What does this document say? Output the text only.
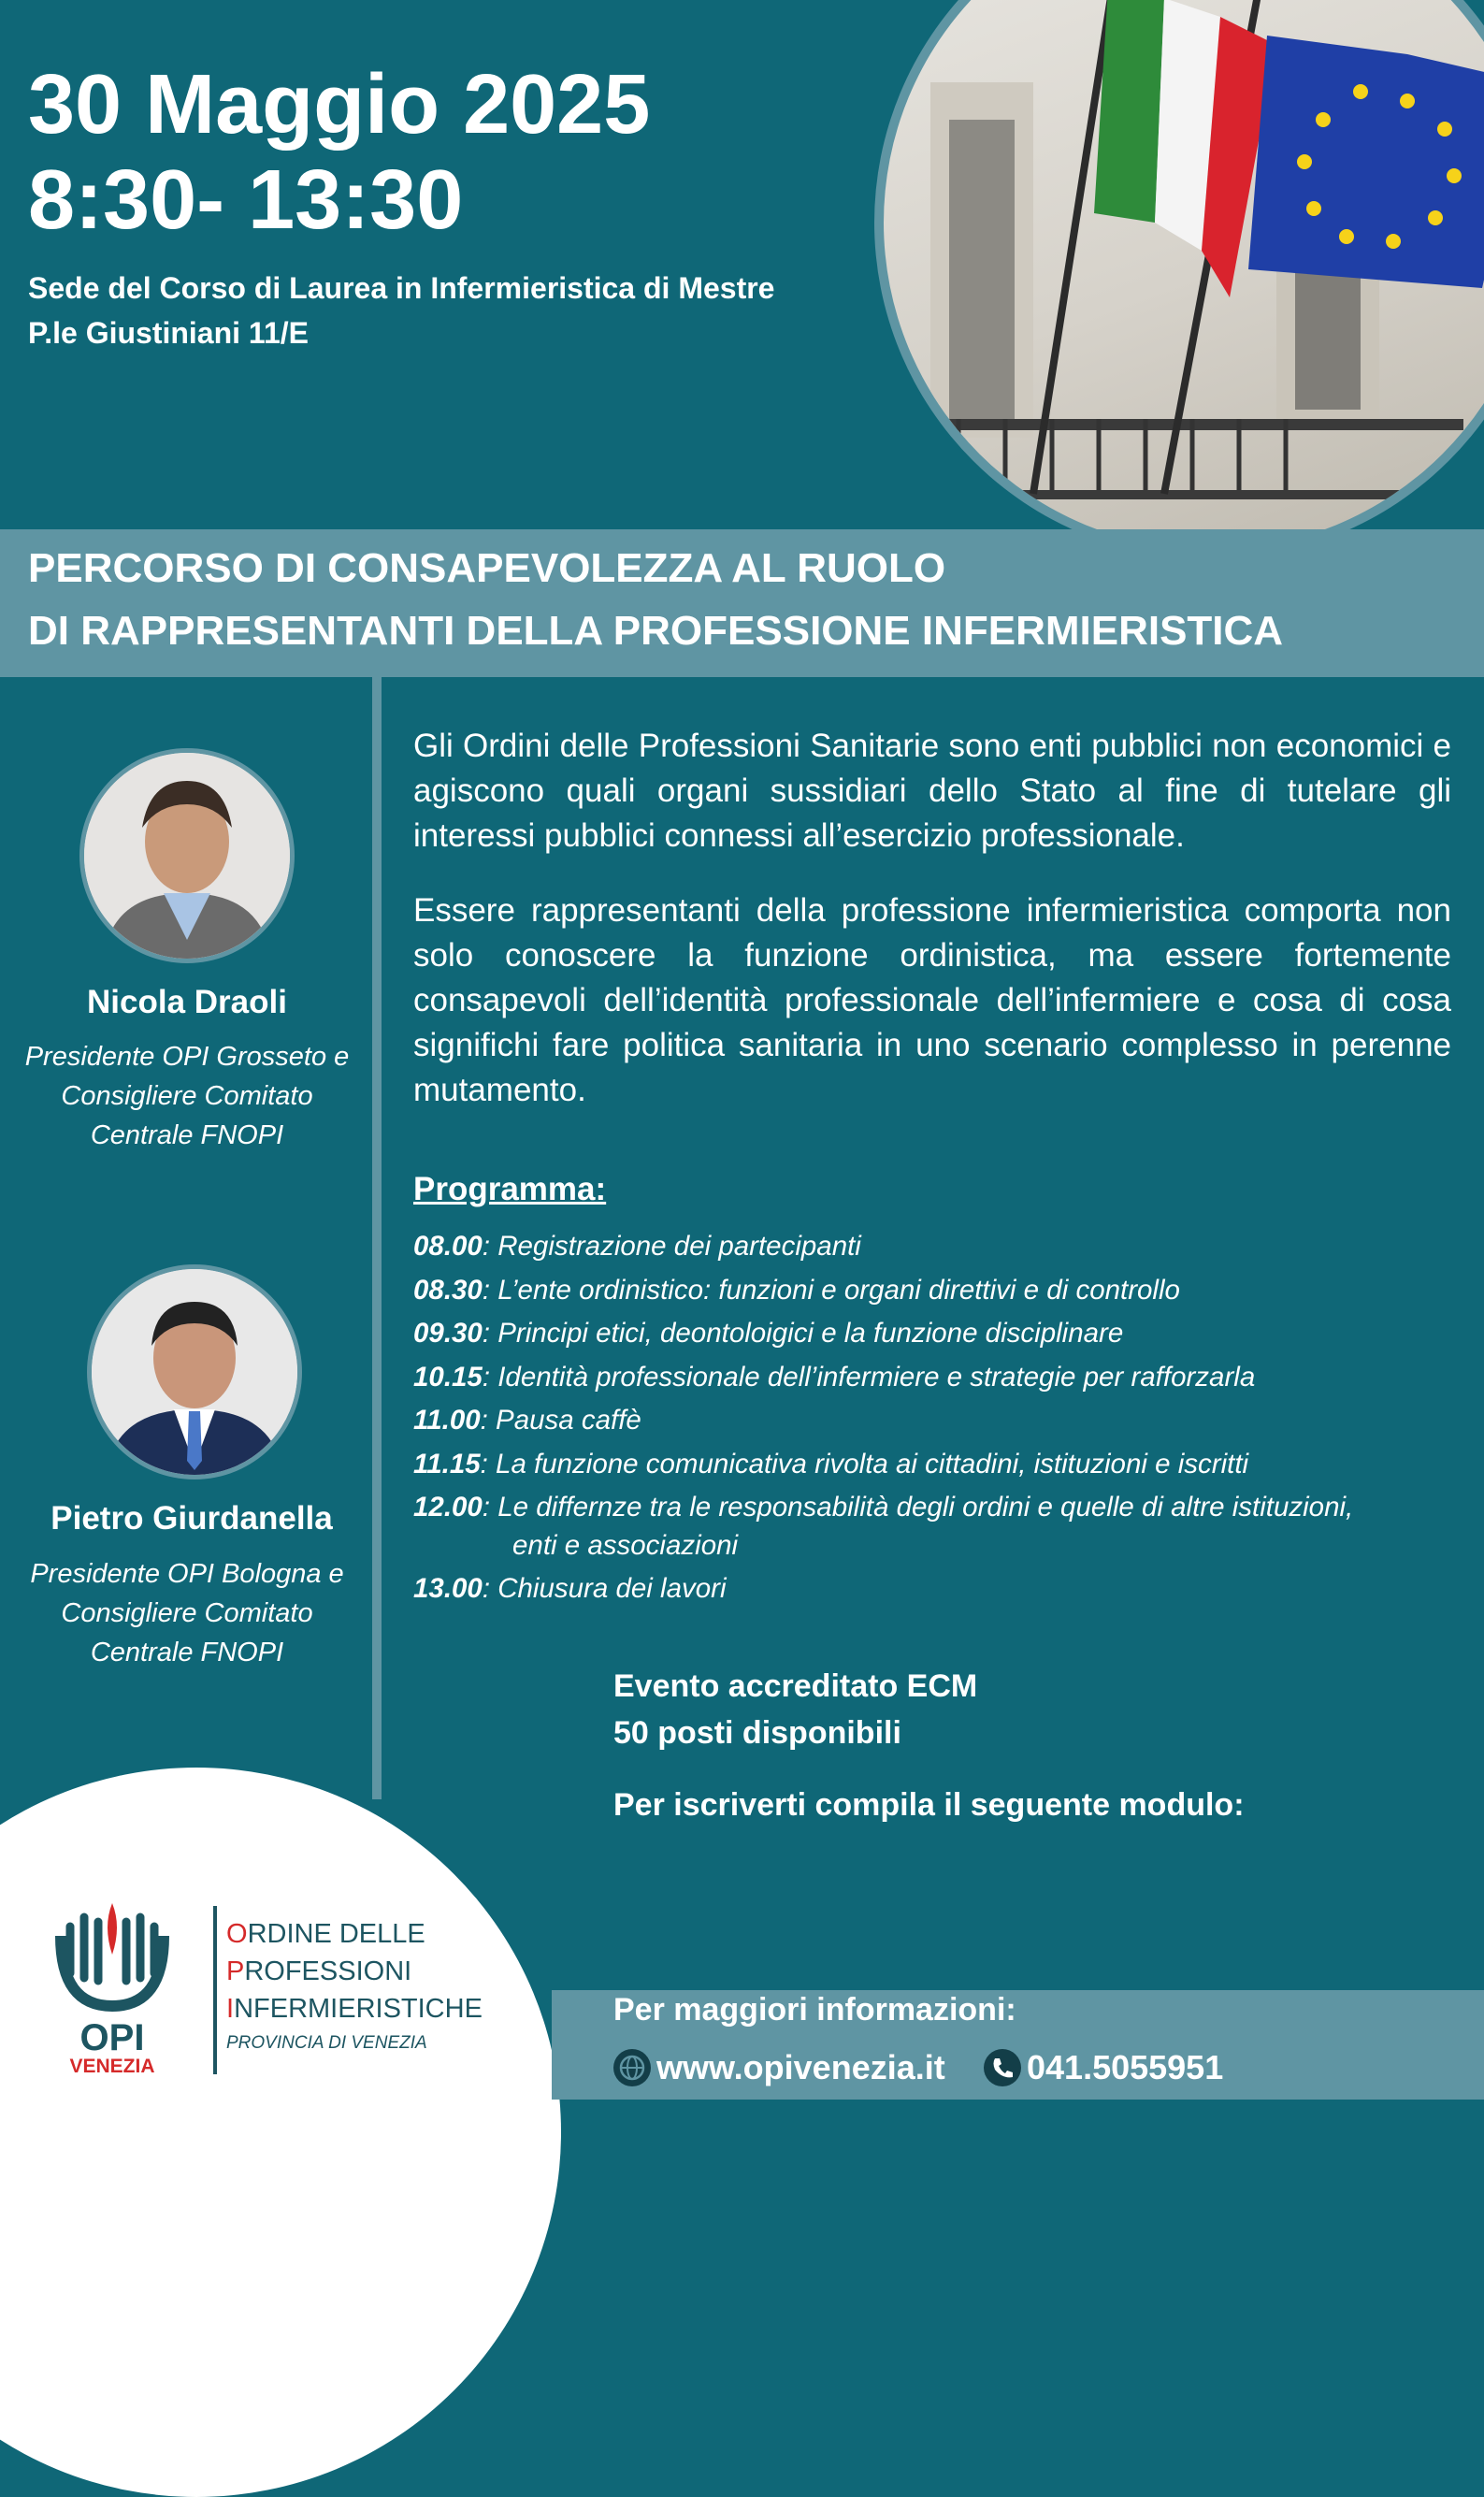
30 Maggio 2025
8:30- 13:30
Sede del Corso di Laurea in Infermieristica di Mestre
P.le Giustiniani 11/E
PERCORSO DI CONSAPEVOLEZZA AL RUOLO
DI RAPPRESENTANTI DELLA PROFESSIONE INFERMIERISTICA
Nicola Draoli
Presidente OPI Grosseto e
Consigliere Comitato
Centrale FNOPI
Pietro Giurdanella
Presidente OPI Bologna e
Consigliere Comitato
Centrale FNOPI
Gli Ordini delle Professioni Sanitarie sono enti pubblici non economici e agiscono quali organi sussidiari dello Stato al fine di tutelare gli interessi pubblici connessi all’esercizio professionale.
Essere rappresentanti della professione infermieristica comporta non solo conoscere la funzione ordinistica, ma essere fortemente consapevoli dell’identità professionale dell’infermiere e cosa di cosa significhi fare politica sanitaria in uno scenario complesso in perenne mutamento.
Programma:
08.00: Registrazione dei partecipanti
08.30: L’ente ordinistico: funzioni e organi direttivi e di controllo
09.30: Principi etici, deontoloigici e la funzione disciplinare
10.15: Identità professionale dell’infermiere e strategie per rafforzarla
11.00: Pausa caffè
11.15: La funzione comunicativa rivolta ai cittadini, istituzioni e iscritti
12.00: Le differnze tra le responsabilità degli ordini e quelle di altre istituzioni,
enti e associazioni
13.00: Chiusura dei lavori
Evento accreditato ECM
50 posti disponibili
Per iscriverti compila il seguente modulo:
OPI
VENEZIA
ORDINE DELLE
PROFESSIONI
INFERMIERISTICHE
PROVINCIA DI VENEZIA
Per maggiori informazioni:
www.opivenezia.it 041.5055951
